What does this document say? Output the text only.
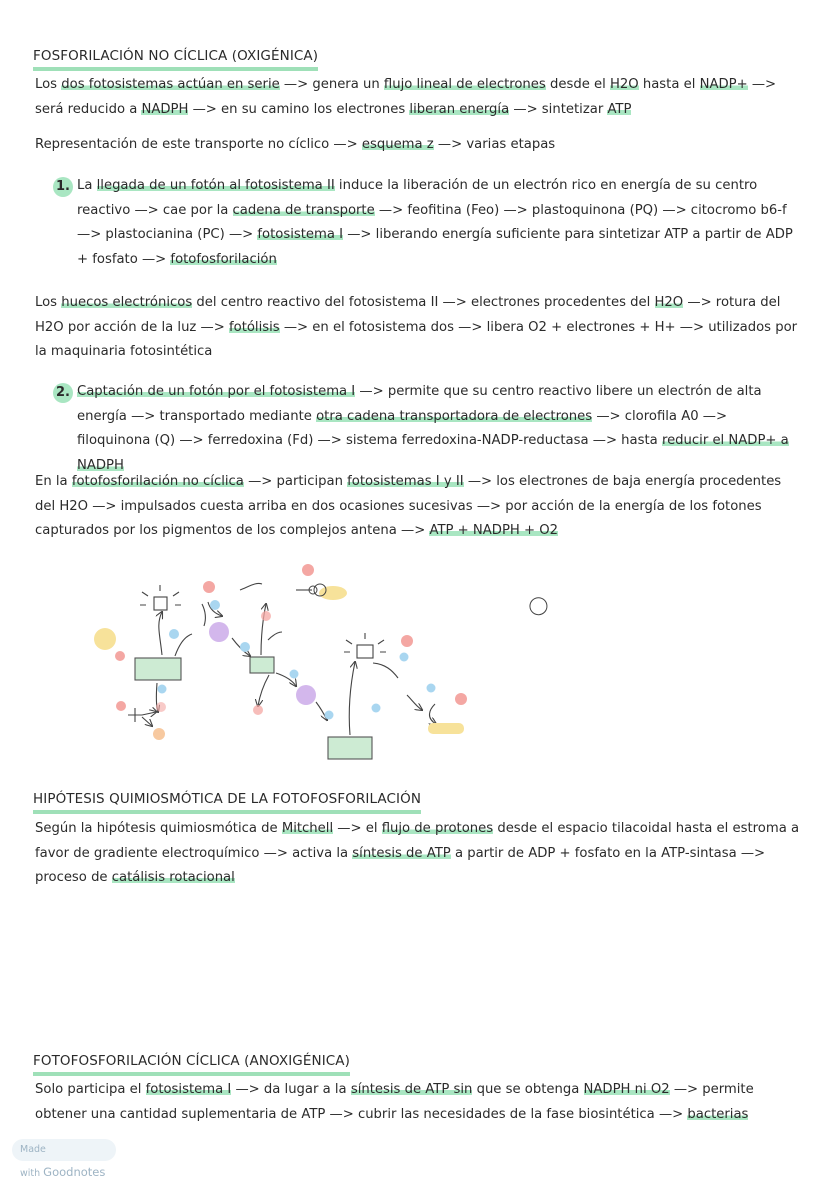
FOSFORILACIÓN NO CÍCLICA (OXIGÉNICA)
Los dos fotosistemas actúan en serie —> genera un flujo lineal de electrones desde el H2O hasta el NADP+ —> será reducido a NADPH —> en su camino los electrones liberan energía —> sintetizar ATP
Representación de este transporte no cíclico —> esquema z —> varias etapas
1. La llegada de un fotón al fotosistema II induce la liberación de un electrón rico en energía de su centro reactivo —> cae por la cadena de transporte —> feofitina (Feo) —> plastoquinona (PQ) —> citocromo b6-f —> plastocianina (PC) —> fotosistema I —> liberando energía suficiente para sintetizar ATP a partir de ADP + fosfato —> fotofosforilación
Los huecos electrónicos del centro reactivo del fotosistema II —> electrones procedentes del H2O —> rotura del H2O por acción de la luz —> fotólisis —> en el fotosistema dos —> libera O2 + electrones + H+ —> utilizados por la maquinaria fotosintética
2. Captación de un fotón por el fotosistema I —> permite que su centro reactivo libere un electrón de alta energía —> transportado mediante otra cadena transportadora de electrones —> clorofila A0 —> filoquinona (Q) —> ferredoxina (Fd) —> sistema ferredoxina-NADP-reductasa —> hasta reducir el NADP+ a NADPH
En la fotofosforilación no cíclica —> participan fotosistemas I y II —> los electrones de baja energía procedentes del H2O —> impulsados cuesta arriba en dos ocasiones sucesivas —> por acción de la energía de los fotones capturados por los pigmentos de los complejos antena —> ATP + NADPH + O2
HIPÓTESIS QUIMIOSMÓTICA DE LA FOTOFOSFORILACIÓN
Según la hipótesis quimiosmótica de Mitchell —> el flujo de protones desde el espacio tilacoidal hasta el estroma a favor de gradiente electroquímico —> activa la síntesis de ATP a partir de ADP + fosfato en la ATP-sintasa —> proceso de catálisis rotacional
FOTOFOSFORILACIÓN CÍCLICA (ANOXIGÉNICA)
Solo participa el fotosistema I —> da lugar a la síntesis de ATP sin que se obtenga NADPH ni O2 —> permite obtener una cantidad suplementaria de ATP —> cubrir las necesidades de la fase biosintética —> bacterias
Made with Goodnotes
